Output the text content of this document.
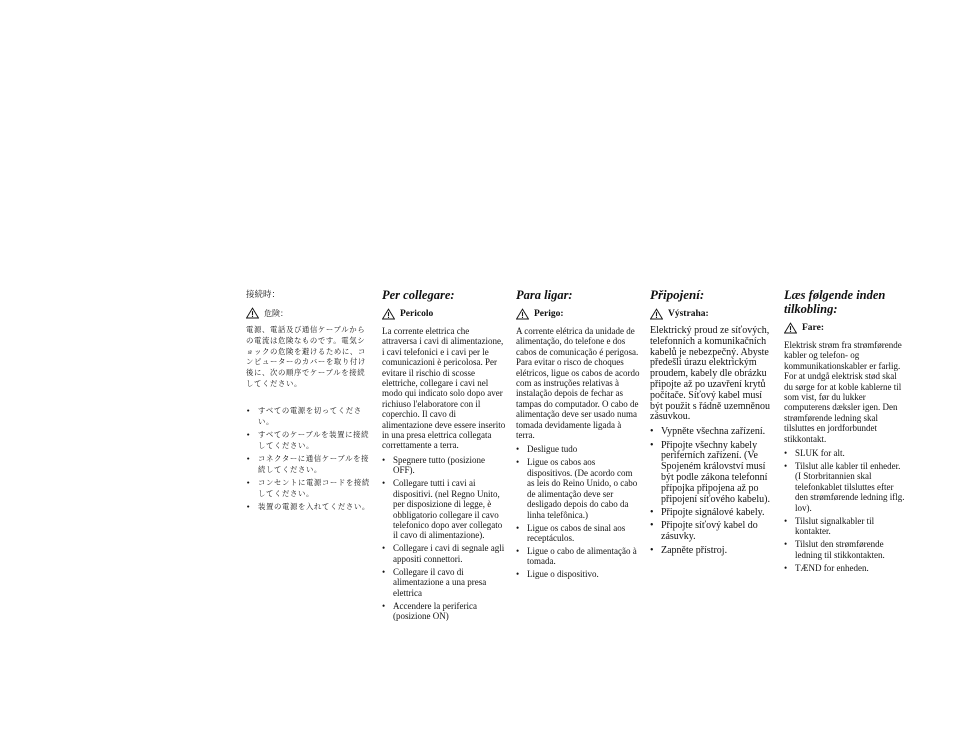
接続時：
危険：
電源、電話及び通信ケーブルからの電流は危険なものです。電気ショックの危険を避けるために、コンピューターのカバーを取り付け後に、次の順序でケーブルを接続してください。
• すべての電源を切ってください。
• すべてのケーブルを装置に接続してください。
• コネクターに通信ケーブルを接続してください。
• コンセントに電源コードを接続してください。
• 装置の電源を入れてください。
Per collegare:
Pericolo
La corrente elettrica che attraversa i cavi di alimentazione, i cavi telefonici e i cavi per le comunicazioni è pericolosa. Per evitare il rischio di scosse elettriche, collegare i cavi nel modo qui indicato solo dopo aver richiuso l'elaboratore con il coperchio. Il cavo di alimentazione deve essere inserito in una presa elettrica collegata correttamente a terra.
• Spegnere tutto (posizione OFF).
• Collegare tutti i cavi ai dispositivi. (nel Regno Unito, per disposizione di legge, è obbligatorio collegare il cavo telefonico dopo aver collegato il cavo di alimentazione).
• Collegare i cavi di segnale agli appositi connettori.
• Collegare il cavo di alimentazione a una presa elettrica
• Accendere la periferica (posizione ON)
Para ligar:
Perigo:
A corrente elétrica da unidade de alimentação, do telefone e dos cabos de comunicação é perigosa. Para evitar o risco de choques elétricos, ligue os cabos de acordo com as instruções relativas à instalação depois de fechar as tampas do computador. O cabo de alimentação deve ser usado numa tomada devidamente ligada à terra.
• Desligue tudo
• Ligue os cabos aos dispositivos. (De acordo com as leis do Reino Unido, o cabo de alimentação deve ser desligado depois do cabo da linha telefônica.)
• Ligue os cabos de sinal aos receptáculos.
• Ligue o cabo de alimentação à tomada.
• Ligue o dispositivo.
Připojení:
Výstraha:
Elektrický proud ze síťových, telefonních a komunikačních kabelů je nebezpečný. Abyste předešli úrazu elektrickým proudem, kabely dle obrázku připojte až po uzavření krytů počítače. Síťový kabel musí být použit s řádně uzemněnou zásuvkou.
• Vypněte všechna zařízení.
• Připojte všechny kabely periferních zařízení. (Ve Spojeném království musí být podle zákona telefonní přípojka připojena až po připojení síťového kabelu).
• Připojte signálové kabely.
• Připojte síťový kabel do zásuvky.
• Zapněte přístroj.
Læs følgende inden tilkobling:
Fare:
Elektrisk strøm fra strømførende kabler og telefon- og kommunikationskabler er farlig. For at undgå elektrisk stød skal du sørge for at koble kablerne til som vist, før du lukker computerens dæksler igen. Den strømførende ledning skal tilsluttes en jordforbundet stikkontakt.
• SLUK for alt.
• Tilslut alle kabler til enheder. (I Storbritannien skal telefonkablet tilsluttes efter den strømførende ledning iflg. lov).
• Tilslut signalkabler til kontakter.
• Tilslut den strømførende ledning til stikkontakten.
• TÆND for enheden.
